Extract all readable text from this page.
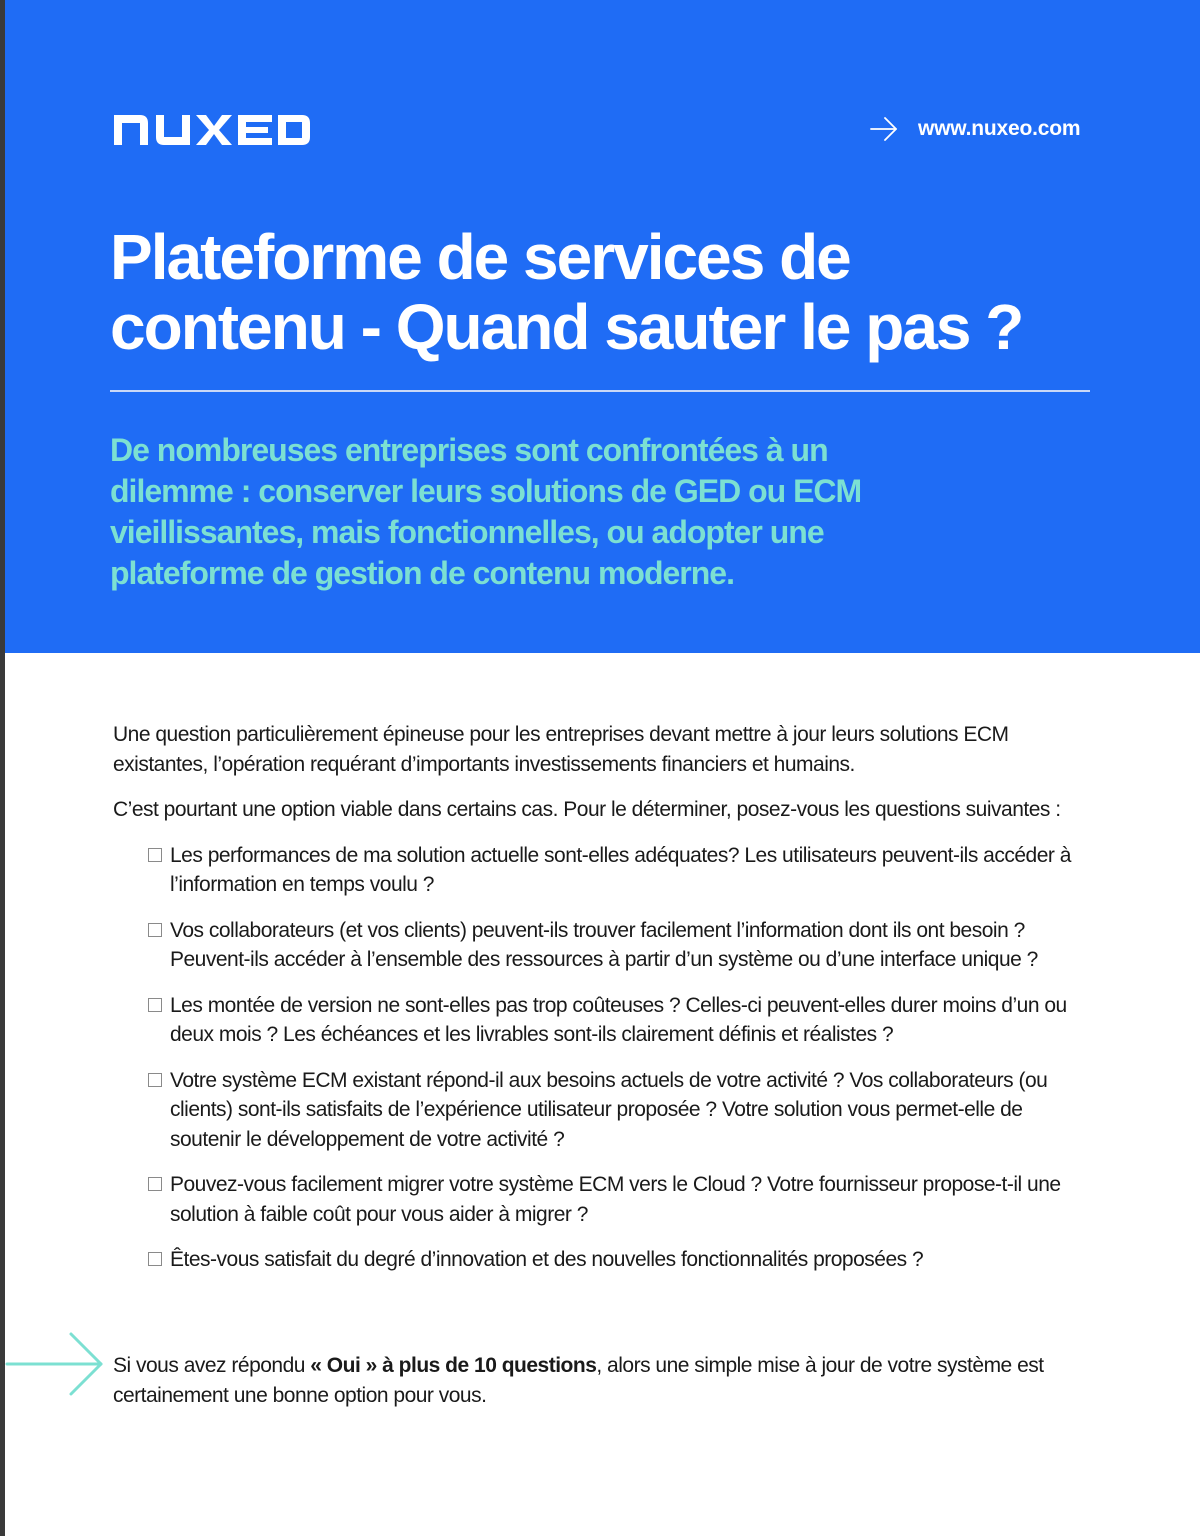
www.nuxeo.com
Plateforme de services de
contenu - Quand sauter le pas ?

De nombreuses entreprises sont confrontées à un dilemme : conserver leurs solutions de GED ou ECM vieillissantes, mais fonctionnelles, ou adopter une plateforme de gestion de contenu moderne.

Une question particulièrement épineuse pour les entreprises devant mettre à jour leurs solutions ECM existantes, l’opération requérant d’importants investissements financiers et humains.

C’est pourtant une option viable dans certains cas. Pour le déterminer, posez-vous les questions suivantes :

Les performances de ma solution actuelle sont-elles adéquates? Les utilisateurs peuvent-ils accéder à l’information en temps voulu ?
Vos collaborateurs (et vos clients) peuvent-ils trouver facilement l’information dont ils ont besoin ? Peuvent-ils accéder à l’ensemble des ressources à partir d’un système ou d’une interface unique ?
Les montée de version ne sont-elles pas trop coûteuses ? Celles-ci peuvent-elles durer moins d’un ou deux mois ? Les échéances et les livrables sont-ils clairement définis et réalistes ?
Votre système ECM existant répond-il aux besoins actuels de votre activité ? Vos collaborateurs (ou clients) sont-ils satisfaits de l’expérience utilisateur proposée ? Votre solution vous permet-elle de soutenir le développement de votre activité ?
Pouvez-vous facilement migrer votre système ECM vers le Cloud ? Votre fournisseur propose-t-il une solution à faible coût pour vous aider à migrer ?
Êtes-vous satisfait du degré d’innovation et des nouvelles fonctionnalités proposées ?

Si vous avez répondu « Oui » à plus de 10 questions, alors une simple mise à jour de votre système est certainement une bonne option pour vous.
